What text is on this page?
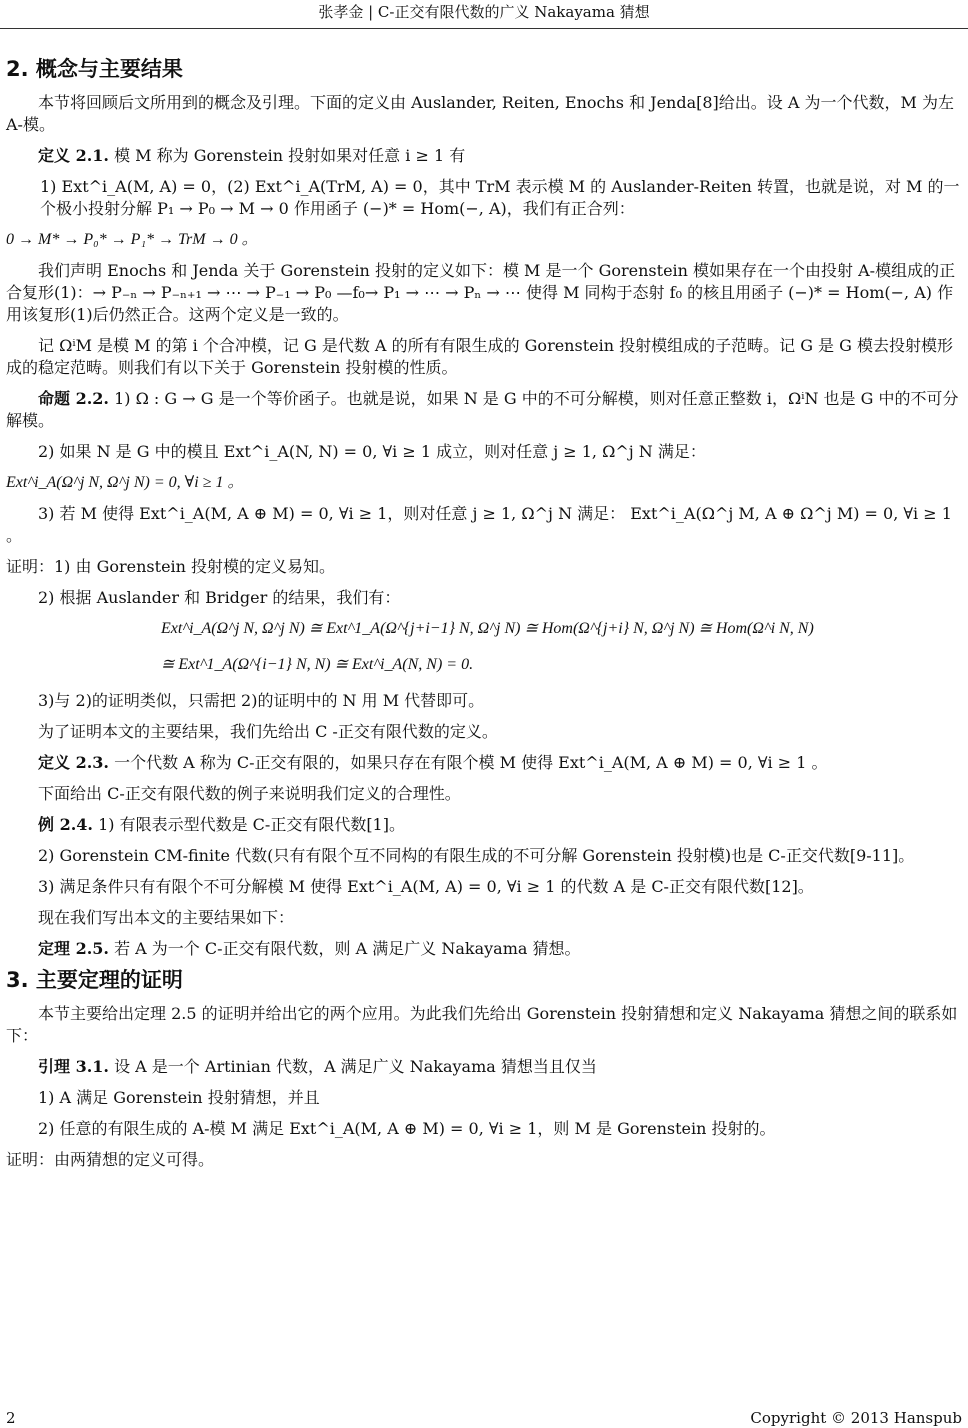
张孝金 | C-正交有限代数的广义 Nakayama 猜想
2. 概念与主要结果

本节将回顾后文所用到的概念及引理。下面的定义由 Auslander, Reiten, Enochs 和 Jenda[8]给出。设 A 为一个代数，M 为左 A-模。

定义 2.1. 模 M 称为 Gorenstein 投射如果对任意 i ≥ 1 有

1) Ext^i_A(M, A) = 0，(2) Ext^i_A(TrM, A) = 0，其中 TrM 表示模 M 的 Auslander-Reiten 转置，也就是说，对 M 的一个极小投射分解 P₁ → P₀ → M → 0 作用函子 (−)* = Hom(−, A)，我们有正合列：

0 → M* → P₀* → P₁* → TrM → 0 。

我们声明 Enochs 和 Jenda 关于 Gorenstein 投射的定义如下：模 M 是一个 Gorenstein 模如果存在一个由投射 A-模组成的正合复形(1)：→ P₋ₙ → P₋ₙ₊₁ → ⋯ → P₋₁ → P₀ —f₀→ P₁ → ⋯ → Pₙ → ⋯ 使得 M 同构于态射 f₀ 的核且用函子 (−)* = Hom(−, A) 作用该复形(1)后仍然正合。这两个定义是一致的。

记 ΩⁱM 是模 M 的第 i 个合冲模，记 G 是代数 A 的所有有限生成的 Gorenstein 投射模组成的子范畴。记 G 是 G 模去投射模形成的稳定范畴。则我们有以下关于 Gorenstein 投射模的性质。

命题 2.2. 1) Ω : G → G 是一个等价函子。也就是说，如果 N 是 G 中的不可分解模，则对任意正整数 i，ΩⁱN 也是 G 中的不可分解模。

2) 如果 N 是 G 中的模且 Ext^i_A(N, N) = 0, ∀i ≥ 1 成立，则对任意 j ≥ 1, Ω^j N 满足：

Ext^i_A(Ω^j N, Ω^j N) = 0, ∀i ≥ 1 。

3) 若 M 使得 Ext^i_A(M, A ⊕ M) = 0, ∀i ≥ 1，则对任意 j ≥ 1, Ω^j N 满足： Ext^i_A(Ω^j M, A ⊕ Ω^j M) = 0, ∀i ≥ 1 。

证明：1) 由 Gorenstein 投射模的定义易知。

2) 根据 Auslander 和 Bridger 的结果，我们有：

Ext^i_A(Ω^j N, Ω^j N) ≅ Ext^1_A(Ω^{j+i−1} N, Ω^j N) ≅ Hom(Ω^{j+i} N, Ω^j N) ≅ Hom(Ω^i N, N)
≅ Ext^1_A(Ω^{i−1} N, N) ≅ Ext^i_A(N, N) = 0.

3)与 2)的证明类似，只需把 2)的证明中的 N 用 M 代替即可。

为了证明本文的主要结果，我们先给出 C -正交有限代数的定义。

定义 2.3. 一个代数 A 称为 C-正交有限的，如果只存在有限个模 M 使得 Ext^i_A(M, A ⊕ M) = 0, ∀i ≥ 1 。

下面给出 C-正交有限代数的例子来说明我们定义的合理性。

例 2.4. 1) 有限表示型代数是 C-正交有限代数[1]。

2) Gorenstein CM-finite 代数(只有有限个互不同构的有限生成的不可分解 Gorenstein 投射模)也是 C-正交代数[9-11]。

3) 满足条件只有有限个不可分解模 M 使得 Ext^i_A(M, A) = 0, ∀i ≥ 1 的代数 A 是 C-正交有限代数[12]。

现在我们写出本文的主要结果如下：

定理 2.5. 若 A 为一个 C-正交有限代数，则 A 满足广义 Nakayama 猜想。

3. 主要定理的证明

本节主要给出定理 2.5 的证明并给出它的两个应用。为此我们先给出 Gorenstein 投射猜想和定义 Nakayama 猜想之间的联系如下：

引理 3.1. 设 A 是一个 Artinian 代数，A 满足广义 Nakayama 猜想当且仅当

1) A 满足 Gorenstein 投射猜想，并且

2) 任意的有限生成的 A-模 M 满足 Ext^i_A(M, A ⊕ M) = 0, ∀i ≥ 1，则 M 是 Gorenstein 投射的。

证明：由两猜想的定义可得。

2	Copyright © 2013 Hanspub
